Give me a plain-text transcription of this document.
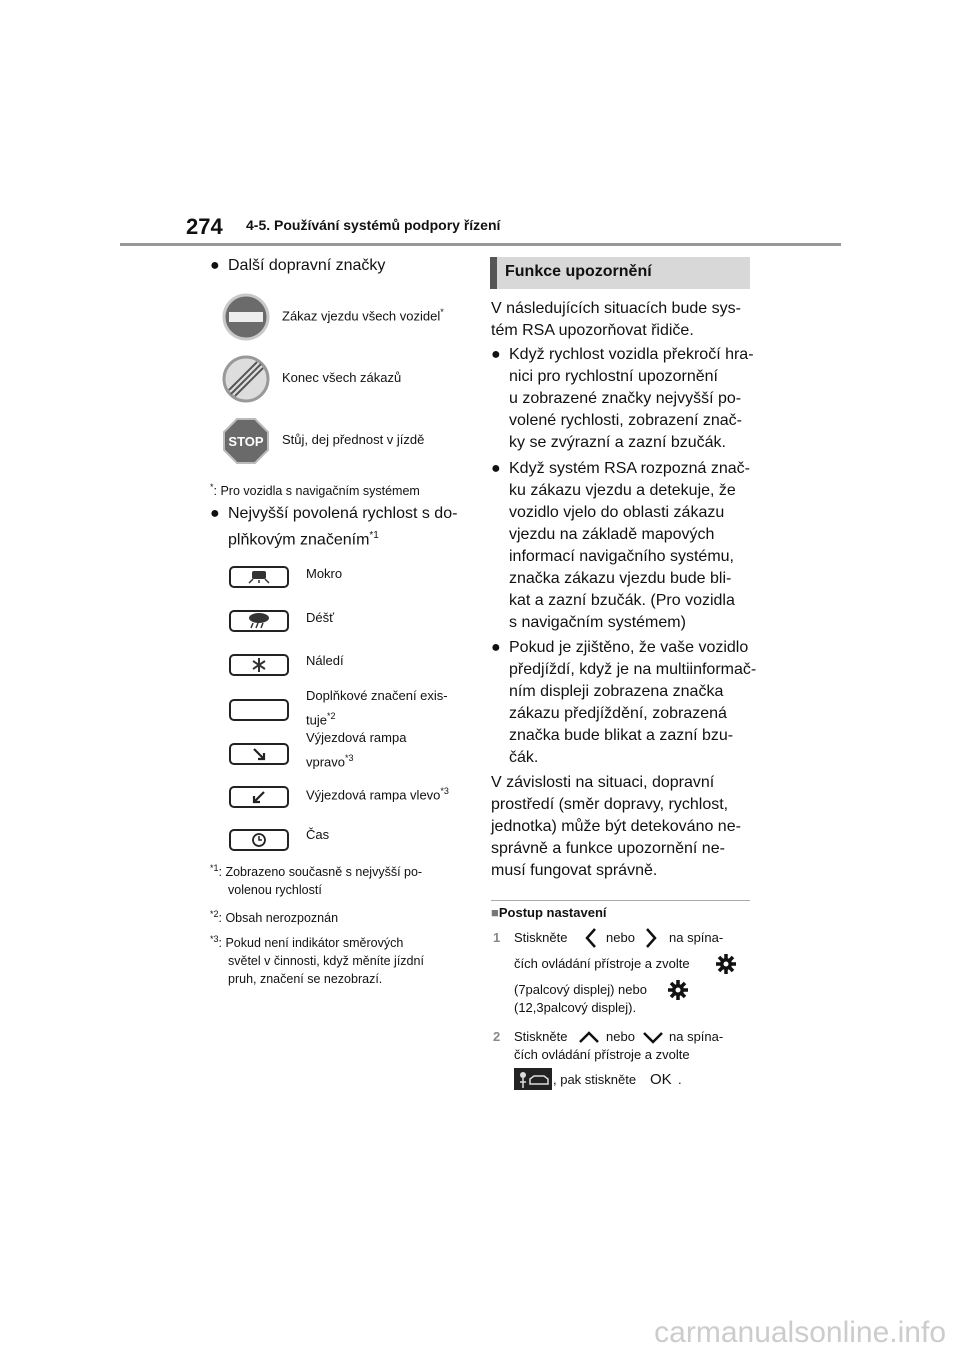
274 4-5. Používání systémů podpory řízení
● Další dopravní značky
Zákaz vjezdu všech vozidel*
Konec všech zákazů
STOP Stůj, dej přednost v jízdě
*: Pro vozidla s navigačním systémem
● Nejvyšší povolená rychlost s do-
plňkovým značením$^{*1}$
Mokro
Déšť
Náledí
Doplňkové značení exis-
tuje$^{*2}$
Výjezdová rampa
vpravo$^{*3}$
Výjezdová rampa vlevo$^{*3}$
Čas
$^{*1}$: Zobrazeno současně s nejvyšší po-
volenou rychlostí
$^{*2}$: Obsah nerozpoznán
$^{*3}$: Pokud není indikátor směrových
světel v činnosti, když měníte jízdní
pruh, značení se nezobrazí.
Funkce upozornění
V následujících situacích bude sys-
tém RSA upozorňovat řidiče.
● Když rychlost vozidla překročí hra-
nici pro rychlostní upozornění
u zobrazené značky nejvyšší po-
volené rychlosti, zobrazení znač-
ky se zvýrazní a zazní bzučák.
● Když systém RSA rozpozná znač-
ku zákazu vjezdu a detekuje, že
vozidlo vjelo do oblasti zákazu
vjezdu na základě mapových
informací navigačního systému,
značka zákazu vjezdu bude bli-
kat a zazní bzučák. (Pro vozidla
s navigačním systémem)
● Pokud je zjištěno, že vaše vozidlo
předjíždí, když je na multiinformač-
ním displeji zobrazena značka
zákazu předjíždění, zobrazená
značka bude blikat a zazní bzu-
čák.
V závislosti na situaci, dopravní
prostředí (směr dopravy, rychlost,
jednotka) může být detekováno ne-
správně a funkce upozornění ne-
musí fungovat správně.
■Postup nastavení
1 Stiskněte	nebo	na spína-
čích ovládání přístroje a zvolte
(7palcový displej) nebo
(12,3palcový displej).
2 Stiskněte	nebo	na spína-
čích ovládání přístroje a zvolte
, pak stiskněte OK .
carmanualsonline.info
